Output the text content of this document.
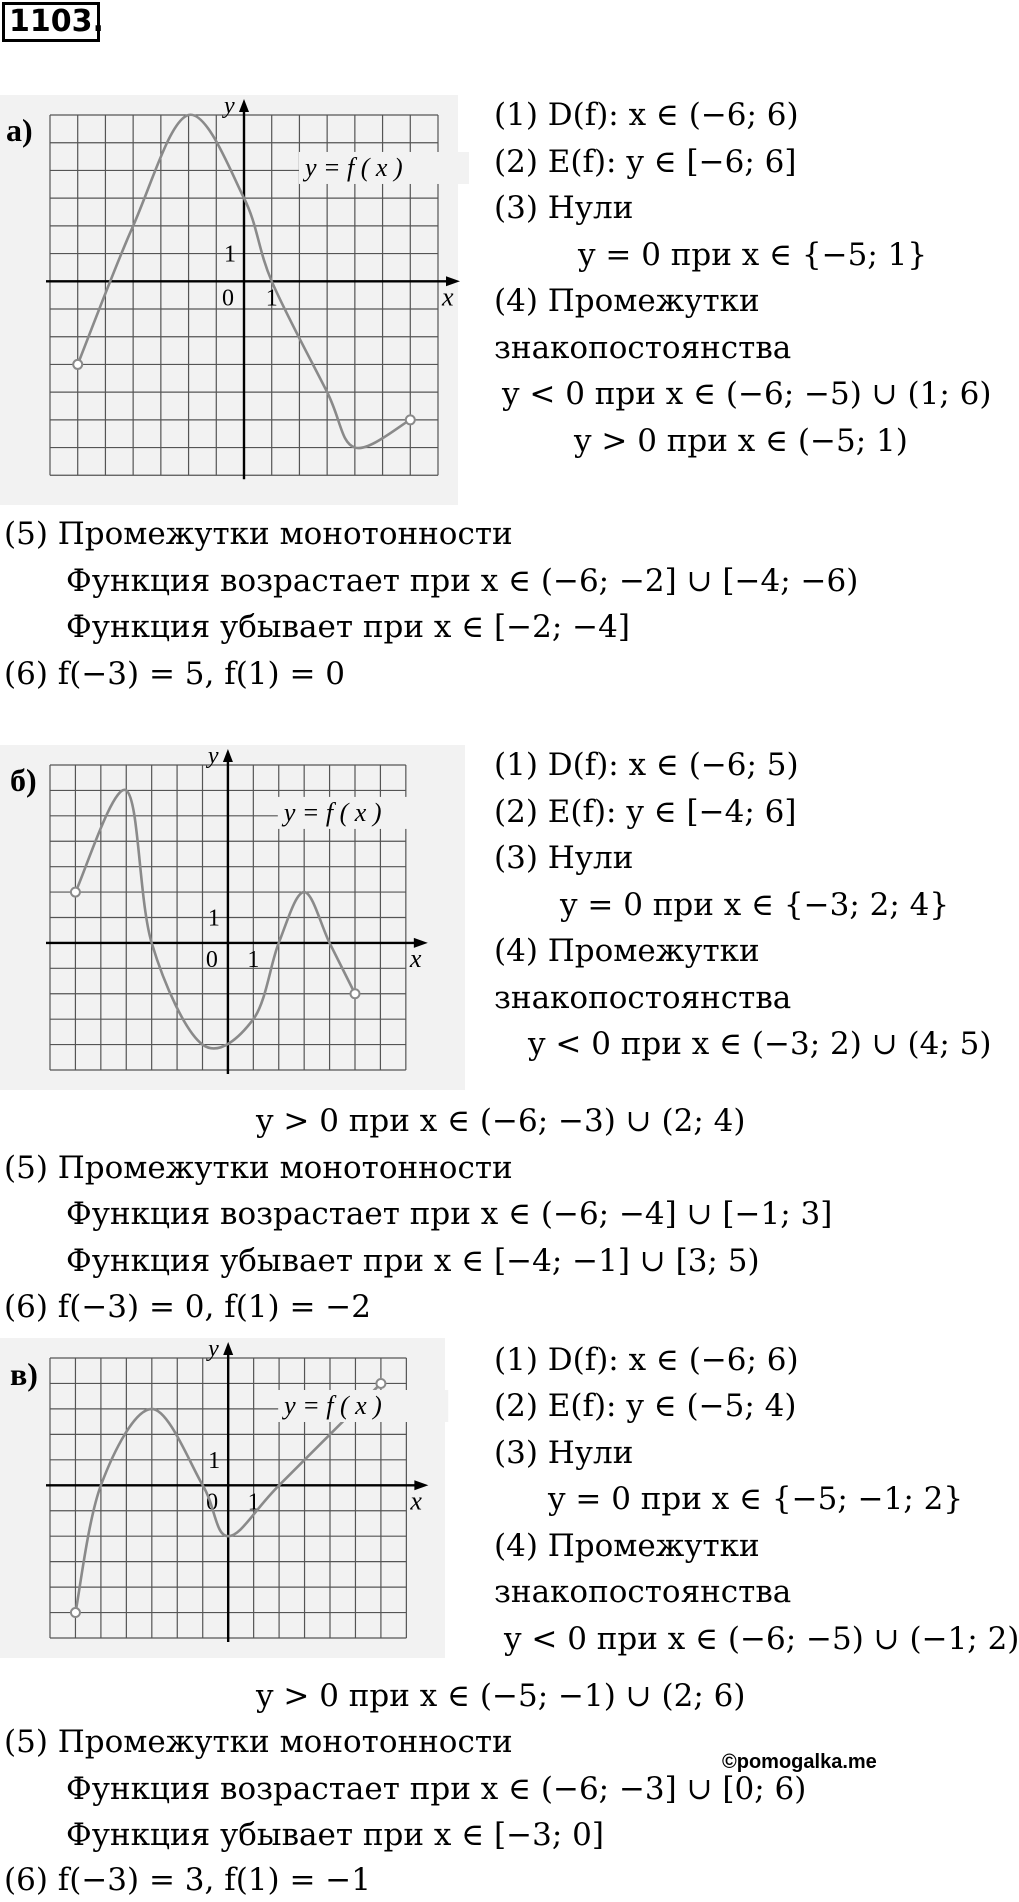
1103.
y
x
0 1
1
y = f ( x )
а)	(1) D(f): x ∈ (−6; 6)
(2) E(f): y ∈ [−6; 6]
(3) Нули
y = 0 при x ∈ {−5; 1}
(4) Промежутки
знакопостоянства
y < 0 при x ∈ (−6; −5) ∪ (1; 6)
y > 0 при x ∈ (−5; 1)
(5) Промежутки монотонности
Функция возрастает при x ∈ (−6; −2] ∪ [−4; −6)
Функция убывает при x ∈ [−2; −4]
(6) f(−3) = 5, f(1) = 0
y
x
0 1
1
y = f ( x )
б)	(1) D(f): x ∈ (−6; 5)
(2) E(f): y ∈ [−4; 6]
(3) Нули
y = 0 при x ∈ {−3; 2; 4}
(4) Промежутки
знакопостоянства
y < 0 при x ∈ (−3; 2) ∪ (4; 5)
y > 0 при x ∈ (−6; −3) ∪ (2; 4)
(5) Промежутки монотонности
Функция возрастает при x ∈ (−6; −4] ∪ [−1; 3]
Функция убывает при x ∈ [−4; −1] ∪ [3; 5)
(6) f(−3) = 0, f(1) = −2
y
x
0 1
1
y = f ( x )
в)	(1) D(f): x ∈ (−6; 6)
(2) E(f): y ∈ (−5; 4)
(3) Нули
y = 0 при x ∈ {−5; −1; 2}
(4) Промежутки
знакопостоянства
y < 0 при x ∈ (−6; −5) ∪ (−1; 2)
y > 0 при x ∈ (−5; −1) ∪ (2; 6)
(5) Промежутки монотонности
Функция возрастает при x ∈ (−6; −3] ∪ [0; 6)
©pomogalka.me
Функция убывает при x ∈ [−3; 0]
(6) f(−3) = 3, f(1) = −1
